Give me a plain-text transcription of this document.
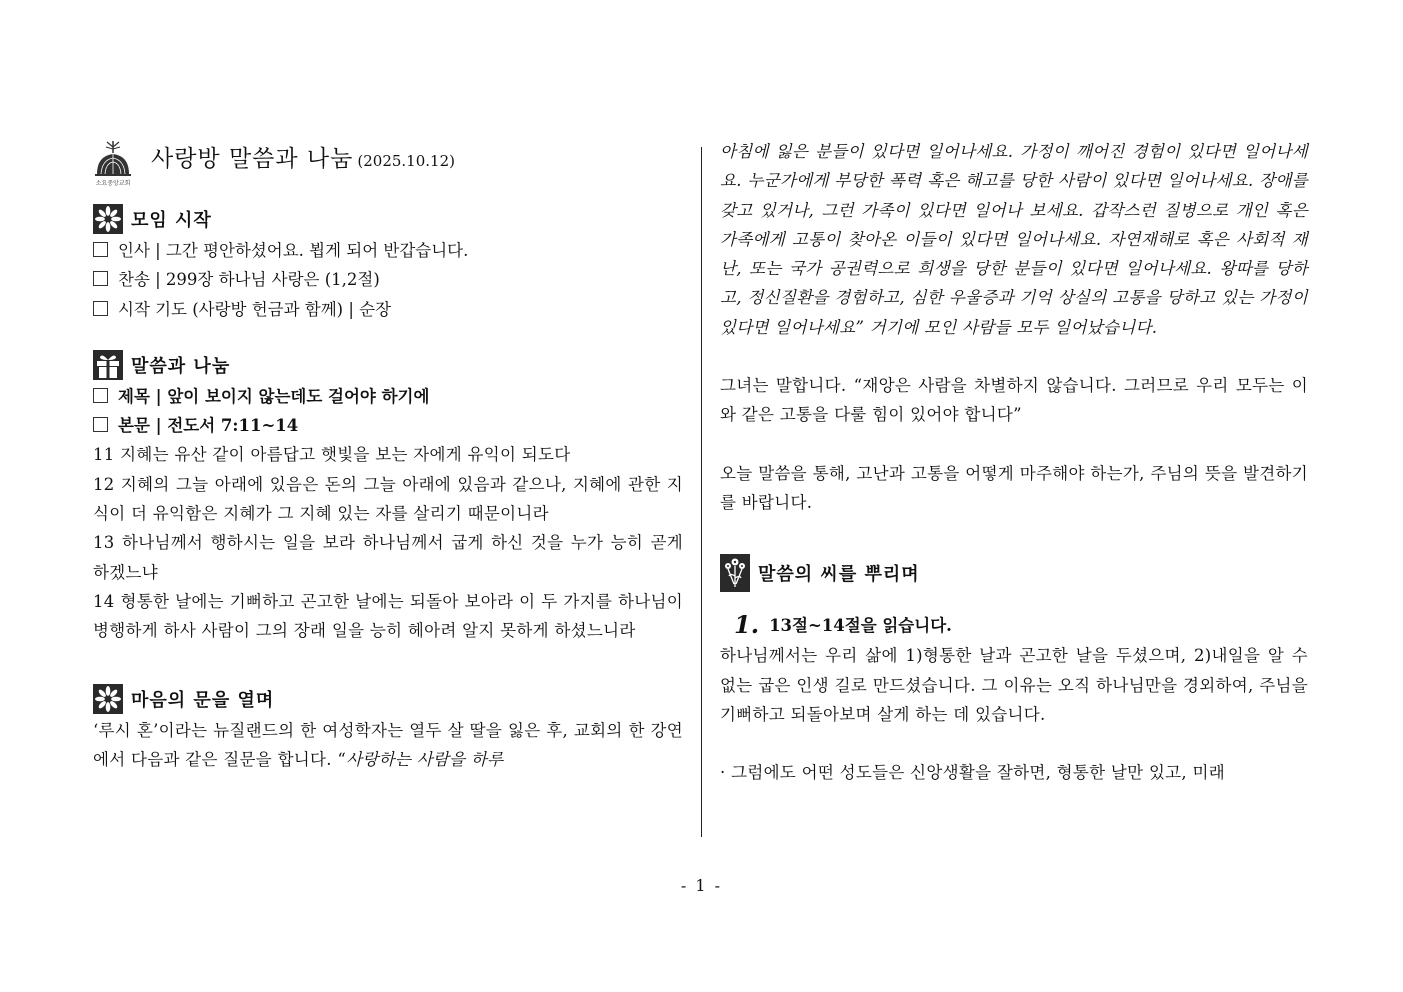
소요중앙교회
사랑방 말씀과 나눔 (2025.10.12)
모임 시작
인사 | 그간 평안하셨어요. 뵙게 되어 반갑습니다.
찬송 | 299장 하나님 사랑은 (1,2절)
시작 기도 (사랑방 헌금과 함께) | 순장
말씀과 나눔
제목 | 앞이 보이지 않는데도 걸어야 하기에
본문 | 전도서 7:11~14
11 지혜는 유산 같이 아름답고 햇빛을 보는 자에게 유익이 되도다
12 지혜의 그늘 아래에 있음은 돈의 그늘 아래에 있음과 같으나, 지혜에 관한 지식이 더 유익함은 지혜가 그 지혜 있는 자를 살리기 때문이니라
13 하나님께서 행하시는 일을 보라 하나님께서 굽게 하신 것을 누가 능히 곧게 하겠느냐
14 형통한 날에는 기뻐하고 곤고한 날에는 되돌아 보아라 이 두 가지를 하나님이 병행하게 하사 사람이 그의 장래 일을 능히 헤아려 알지 못하게 하셨느니라
마음의 문을 열며
‘루시 혼’이라는 뉴질랜드의 한 여성학자는 열두 살 딸을 잃은 후, 교회의 한 강연에서 다음과 같은 질문을 합니다. “사랑하는 사람을 하루
아침에 잃은 분들이 있다면 일어나세요. 가정이 깨어진 경험이 있다면 일어나세요. 누군가에게 부당한 폭력 혹은 해고를 당한 사람이 있다면 일어나세요. 장애를 갖고 있거나, 그런 가족이 있다면 일어나 보세요. 갑작스런 질병으로 개인 혹은 가족에게 고통이 찾아온 이들이 있다면 일어나세요. 자연재해로 혹은 사회적 재난, 또는 국가 공권력으로 희생을 당한 분들이 있다면 일어나세요. 왕따를 당하고, 정신질환을 경험하고, 심한 우울증과 기억 상실의 고통을 당하고 있는 가정이 있다면 일어나세요” 거기에 모인 사람들 모두 일어났습니다.
그녀는 말합니다. “재앙은 사람을 차별하지 않습니다. 그러므로 우리 모두는 이와 같은 고통을 다룰 힘이 있어야 합니다”
오늘 말씀을 통해, 고난과 고통을 어떻게 마주해야 하는가, 주님의 뜻을 발견하기를 바랍니다.
말씀의 씨를 뿌리며
1. 13절~14절을 읽습니다.
하나님께서는 우리 삶에 1)형통한 날과 곤고한 날을 두셨으며, 2)내일을 알 수 없는 굽은 인생 길로 만드셨습니다. 그 이유는 오직 하나님만을 경외하여, 주님을 기뻐하고 되돌아보며 살게 하는 데 있습니다.
· 그럼에도 어떤 성도들은 신앙생활을 잘하면, 형통한 날만 있고, 미래
- 1 -
